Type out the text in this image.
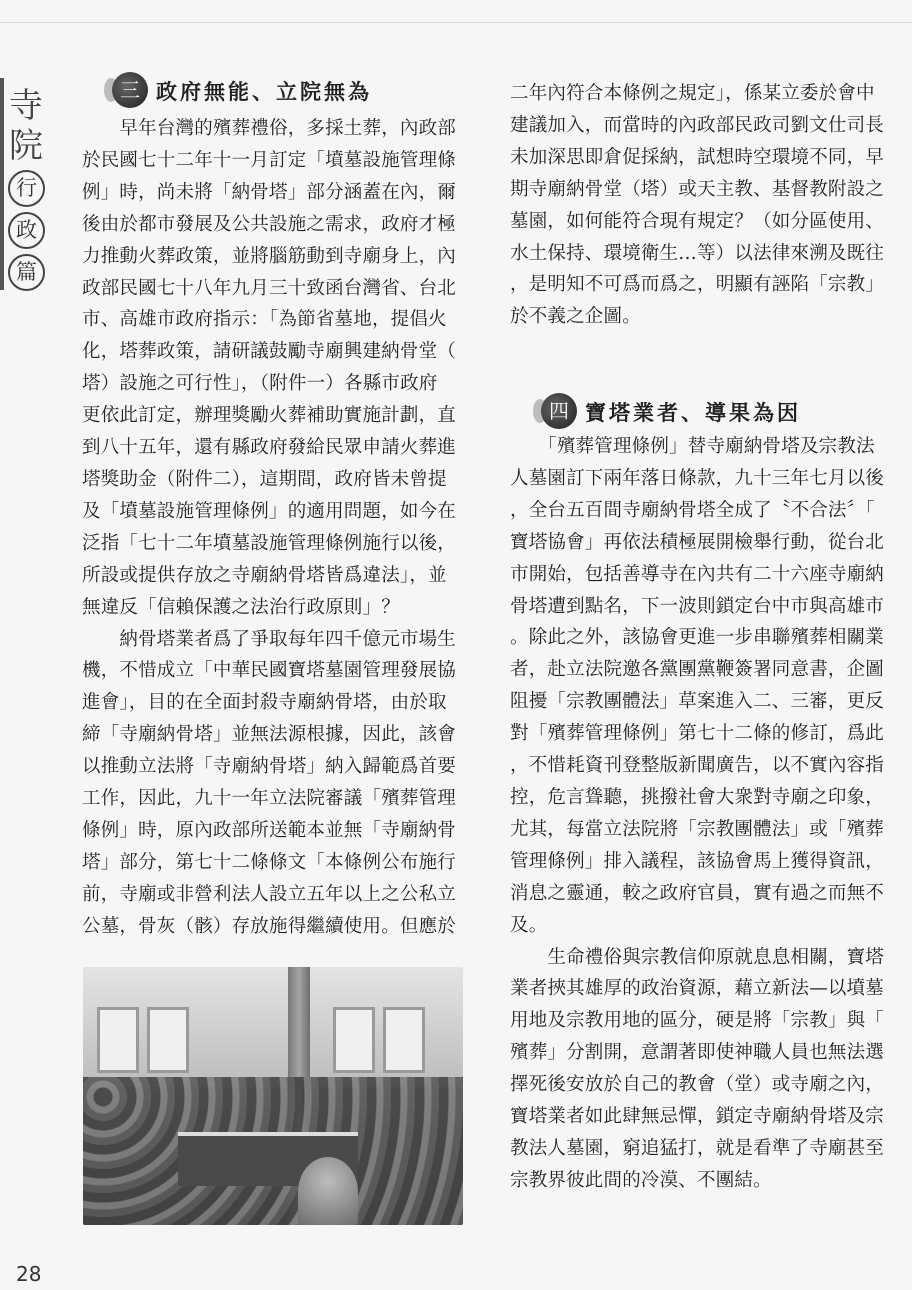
寺院
行
政
篇
三 政府無能、立院無為

　　早年台灣的殯葬禮俗，多採土葬，內政部

於民國七十二年十一月訂定「墳墓設施管理條

例」時，尚未將「納骨塔」部分涵蓋在內，爾

後由於都市發展及公共設施之需求，政府才極

力推動火葬政策，並將腦筋動到寺廟身上，內

政部民國七十八年九月三十致函台灣省、台北

市、高雄市政府指示：「為節省墓地，提倡火

化，塔葬政策，請研議鼓勵寺廟興建納骨堂（

塔）設施之可行性」，（附件一）各縣市政府

更依此訂定，辦理獎勵火葬補助實施計劃，直

到八十五年，還有縣政府發給民眾申請火葬進

塔獎助金（附件二），這期間，政府皆未曾提

及「墳墓設施管理條例」的適用問題，如今在

泛指「七十二年墳墓設施管理條例施行以後，

所設或提供存放之寺廟納骨塔皆爲違法」，並

無違反「信賴保護之法治行政原則」？

　　納骨塔業者爲了爭取每年四千億元市場生

機，不惜成立「中華民國寶塔墓園管理發展協

進會」，目的在全面封殺寺廟納骨塔，由於取

締「寺廟納骨塔」並無法源根據，因此，該會

以推動立法將「寺廟納骨塔」納入歸範爲首要

工作，因此，九十一年立法院審議「殯葬管理

條例」時，原內政部所送範本並無「寺廟納骨

塔」部分，第七十二條條文「本條例公布施行

前，寺廟或非營利法人設立五年以上之公私立

公墓，骨灰（骸）存放施得繼續使用。但應於

二年內符合本條例之規定」，係某立委於會中

建議加入，而當時的內政部民政司劉文仕司長

未加深思即倉促採納，試想時空環境不同，早

期寺廟納骨堂（塔）或天主教、基督教附設之

墓園，如何能符合現有規定？（如分區使用、

水土保持、環境衛生…等）以法律來溯及既往

，是明知不可爲而爲之，明顯有誣陷「宗教」

於不義之企圖。

四 寶塔業者、導果為因

　　「殯葬管理條例」替寺廟納骨塔及宗教法

人墓園訂下兩年落日條款，九十三年七月以後

，全台五百間寺廟納骨塔全成了〝不合法〞「

寶塔協會」再依法積極展開檢舉行動，從台北

市開始，包括善導寺在內共有二十六座寺廟納

骨塔遭到點名，下一波則鎖定台中市與高雄市

。除此之外，該協會更進一步串聯殯葬相關業

者，赴立法院邀各黨團黨鞭簽署同意書，企圖

阻擾「宗教團體法」草案進入二、三審，更反

對「殯葬管理條例」第七十二條的修訂，爲此

，不惜耗資刊登整版新聞廣告，以不實內容指

控，危言聳聽，挑撥社會大衆對寺廟之印象，

尤其，每當立法院將「宗教團體法」或「殯葬

管理條例」排入議程，該協會馬上獲得資訊，

消息之靈通，較之政府官員，實有過之而無不

及。

　　生命禮俗與宗教信仰原就息息相關，寶塔

業者挾其雄厚的政治資源，藉立新法—以墳墓

用地及宗教用地的區分，硬是將「宗教」與「

殯葬」分割開，意謂著即使神職人員也無法選

擇死後安放於自己的教會（堂）或寺廟之內，

寶塔業者如此肆無忌憚，鎖定寺廟納骨塔及宗

教法人墓園，窮追猛打，就是看準了寺廟甚至

宗教界彼此間的冷漠、不團結。

28
